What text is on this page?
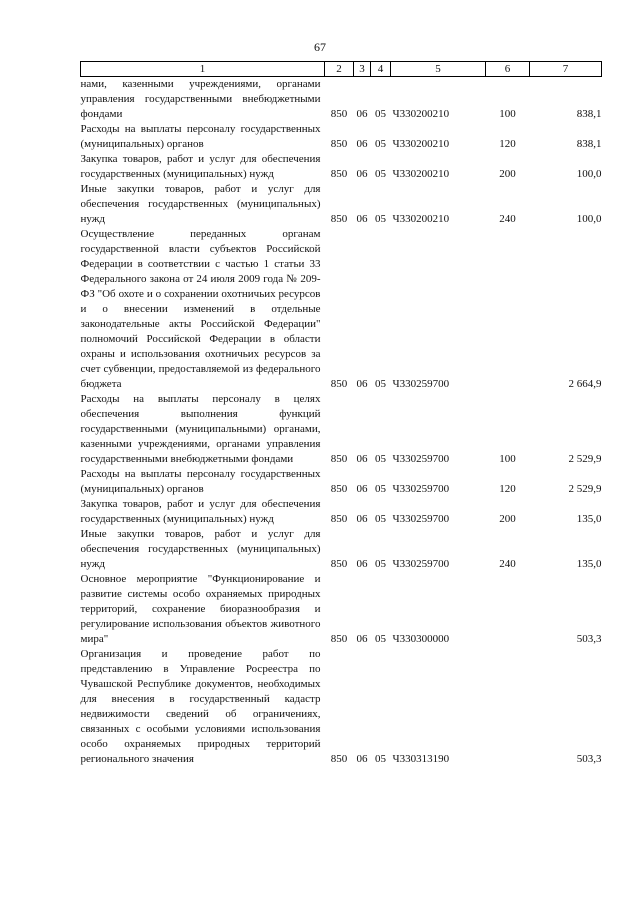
67
1	2	3	4	5	6	7
нами, казенными учреждениями, органами управления государственными внебюджетными фондами	850	06	05	Ч330200210	100	838,1
Расходы на выплаты персоналу государственных (муниципальных) органов	850	06	05	Ч330200210	120	838,1
Закупка товаров, работ и услуг для обеспечения государственных (муниципальных) нужд	850	06	05	Ч330200210	200	100,0
Иные закупки товаров, работ и услуг для обеспечения государственных (муниципальных) нужд	850	06	05	Ч330200210	240	100,0
Осуществление переданных органам государственной власти субъектов Российской Федерации в соответствии с частью 1 статьи 33 Федерального закона от 24 июля 2009 года № 209-ФЗ "Об охоте и о сохранении охотничьих ресурсов и о внесении изменений в отдельные законодательные акты Российской Федерации" полномочий Российской Федерации в области охраны и использования охотничьих ресурсов за счет субвенции, предоставляемой из федерального бюджета	850	06	05	Ч330259700		2 664,9
Расходы на выплаты персоналу в целях обеспечения выполнения функций государственными (муниципальными) органами, казенными учреждениями, органами управления государственными внебюджетными фондами	850	06	05	Ч330259700	100	2 529,9
Расходы на выплаты персоналу государственных (муниципальных) органов	850	06	05	Ч330259700	120	2 529,9
Закупка товаров, работ и услуг для обеспечения государственных (муниципальных) нужд	850	06	05	Ч330259700	200	135,0
Иные закупки товаров, работ и услуг для обеспечения государственных (муниципальных) нужд	850	06	05	Ч330259700	240	135,0
Основное мероприятие "Функционирование и развитие системы особо охраняемых природных территорий, сохранение биоразнообразия и регулирование использования объектов животного мира"	850	06	05	Ч330300000		503,3
Организация и проведение работ по представлению в Управление Росреестра по Чувашской Республике документов, необходимых для внесения в государственный кадастр недвижимости сведений об ограничениях, связанных с особыми условиями использования особо охраняемых природных территорий регионального значения	850	06	05	Ч330313190		503,3
